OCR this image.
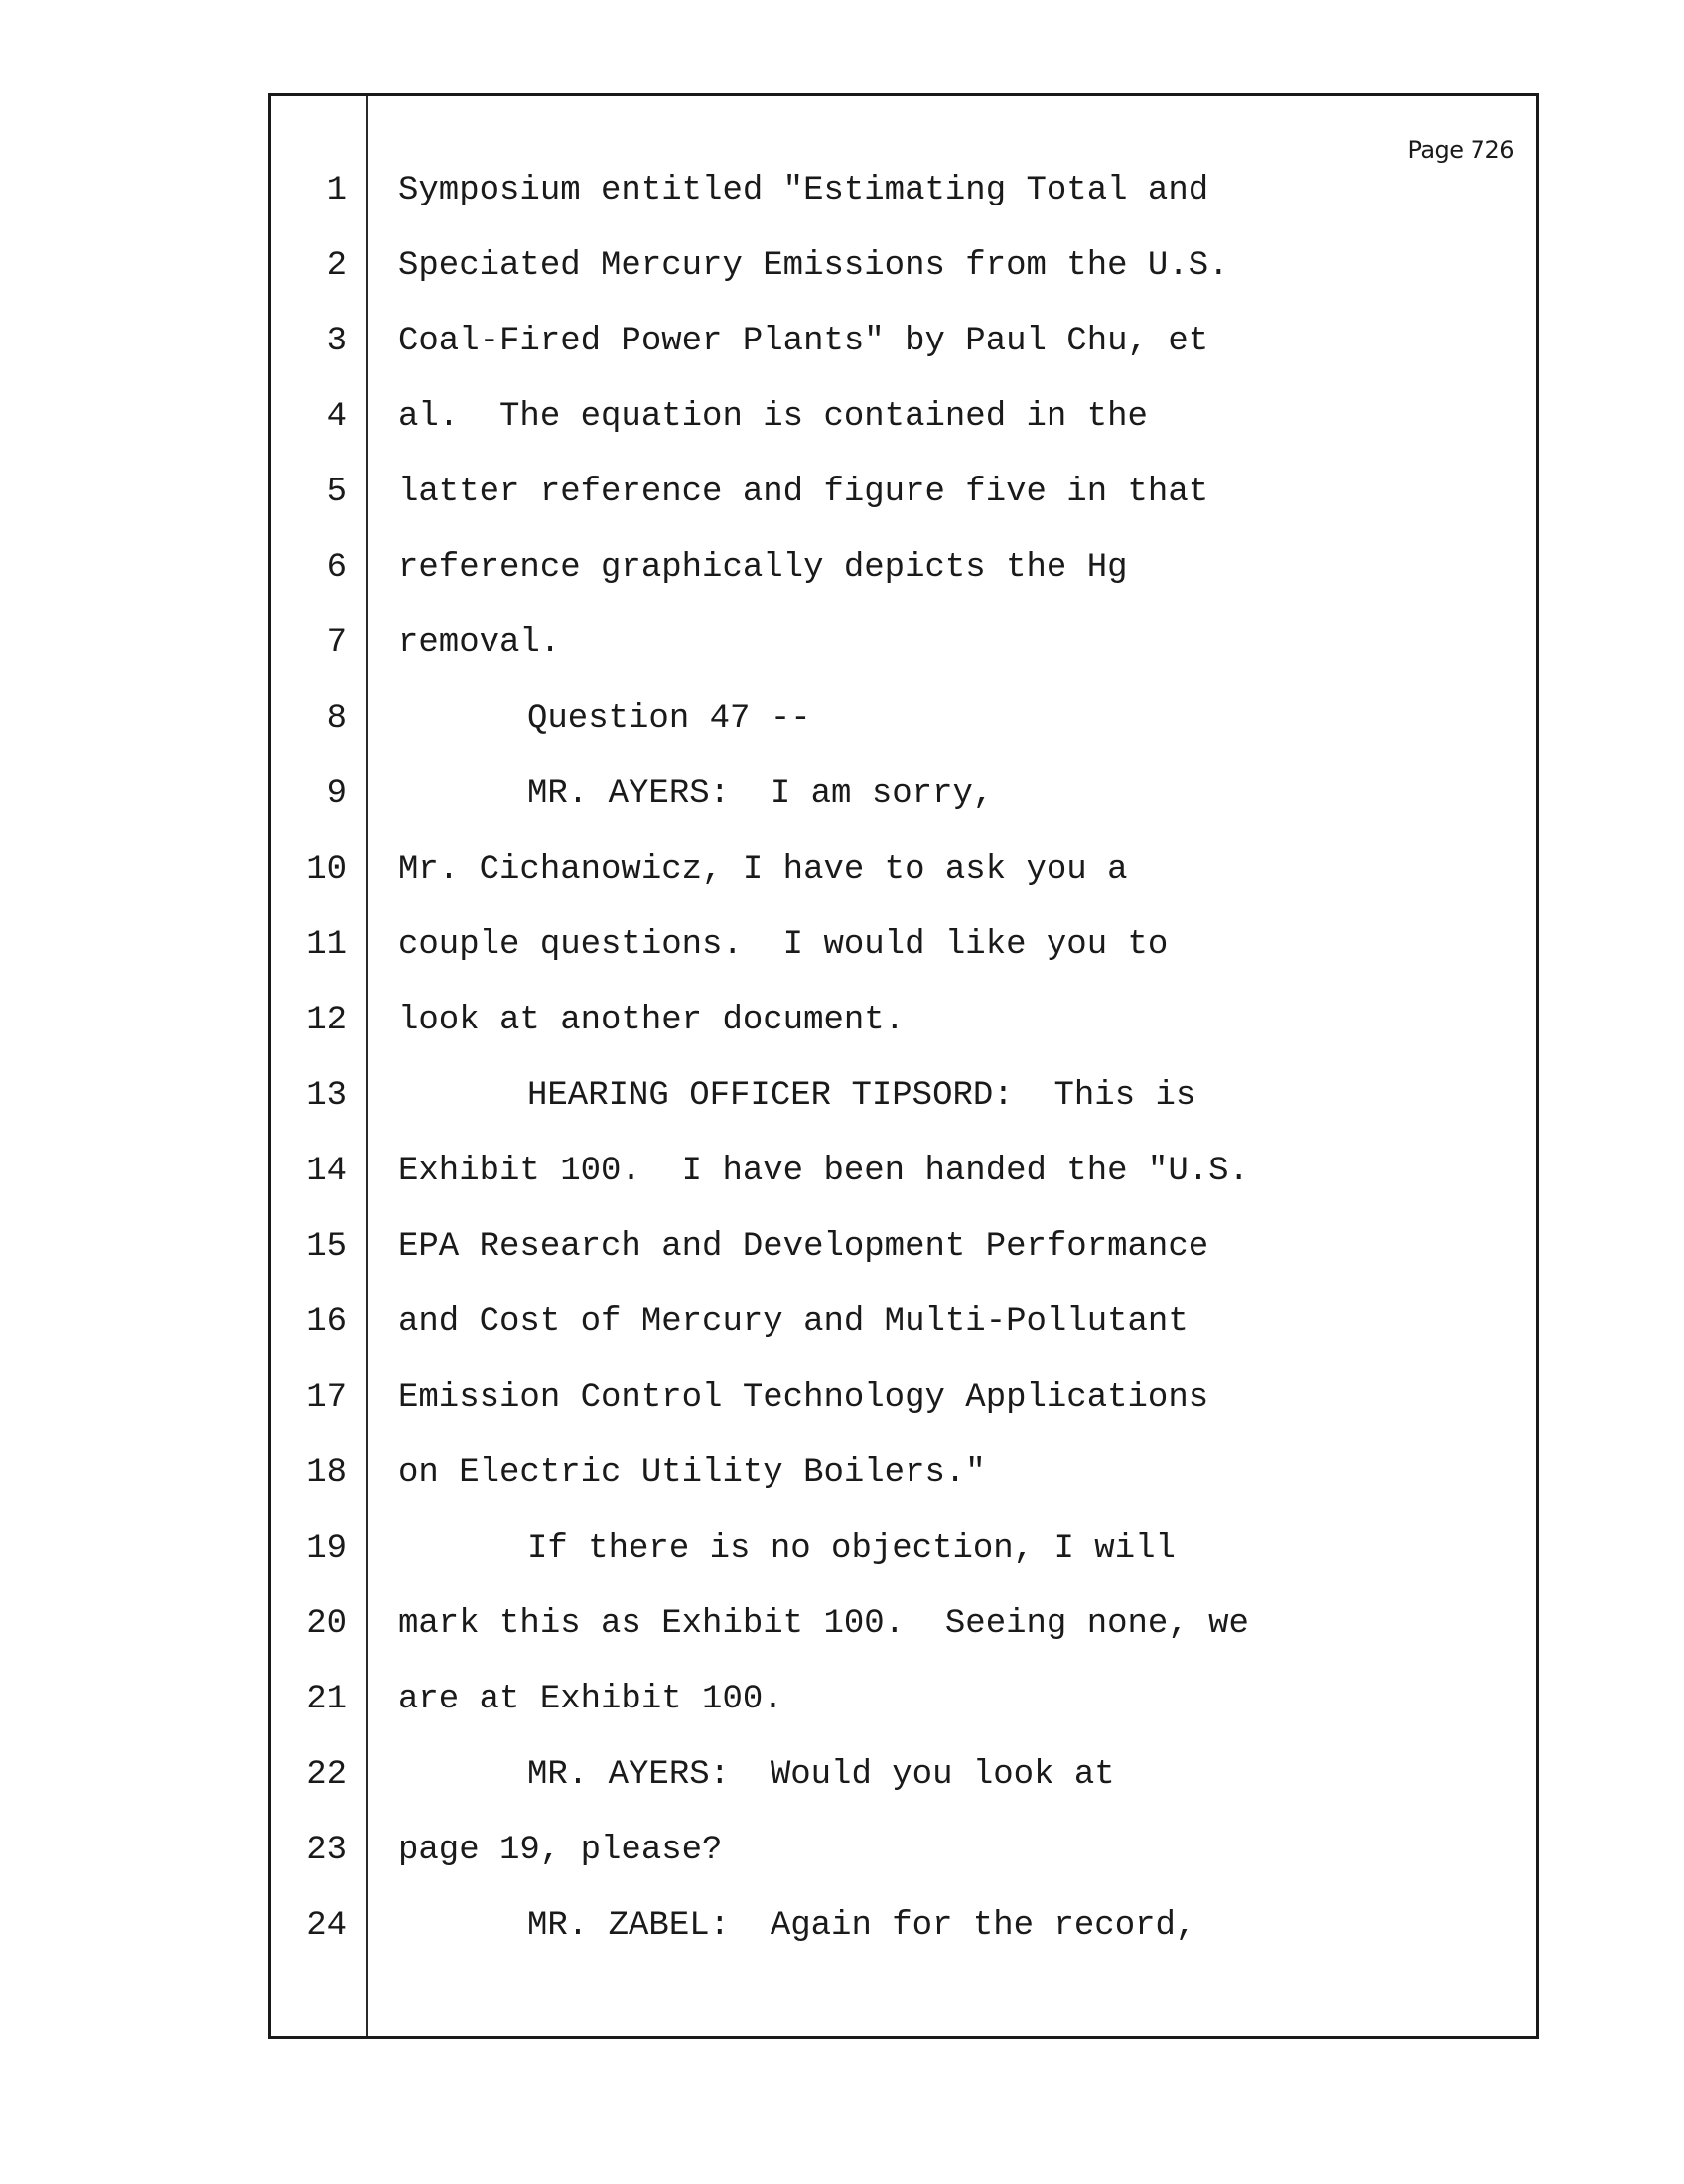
Page 726

1

Symposium entitled "Estimating Total and

2

Speciated Mercury Emissions from the U.S.

3

Coal-Fired Power Plants" by Paul Chu, et

4

al.  The equation is contained in the

5

latter reference and figure five in that

6

reference graphically depicts the Hg

7

removal.

8

	Question 47 --

9

	MR. AYERS:  I am sorry,

10

Mr. Cichanowicz, I have to ask you a

11

couple questions.  I would like you to

12

look at another document.

13

	HEARING OFFICER TIPSORD:  This is

14

Exhibit 100.  I have been handed the "U.S.

15

EPA Research and Development Performance

16

and Cost of Mercury and Multi-Pollutant

17

Emission Control Technology Applications

18

on Electric Utility Boilers."

19

	If there is no objection, I will

20

mark this as Exhibit 100.  Seeing none, we

21

are at Exhibit 100.

22

	MR. AYERS:  Would you look at

23

page 19, please?

24

	MR. ZABEL:  Again for the record,
